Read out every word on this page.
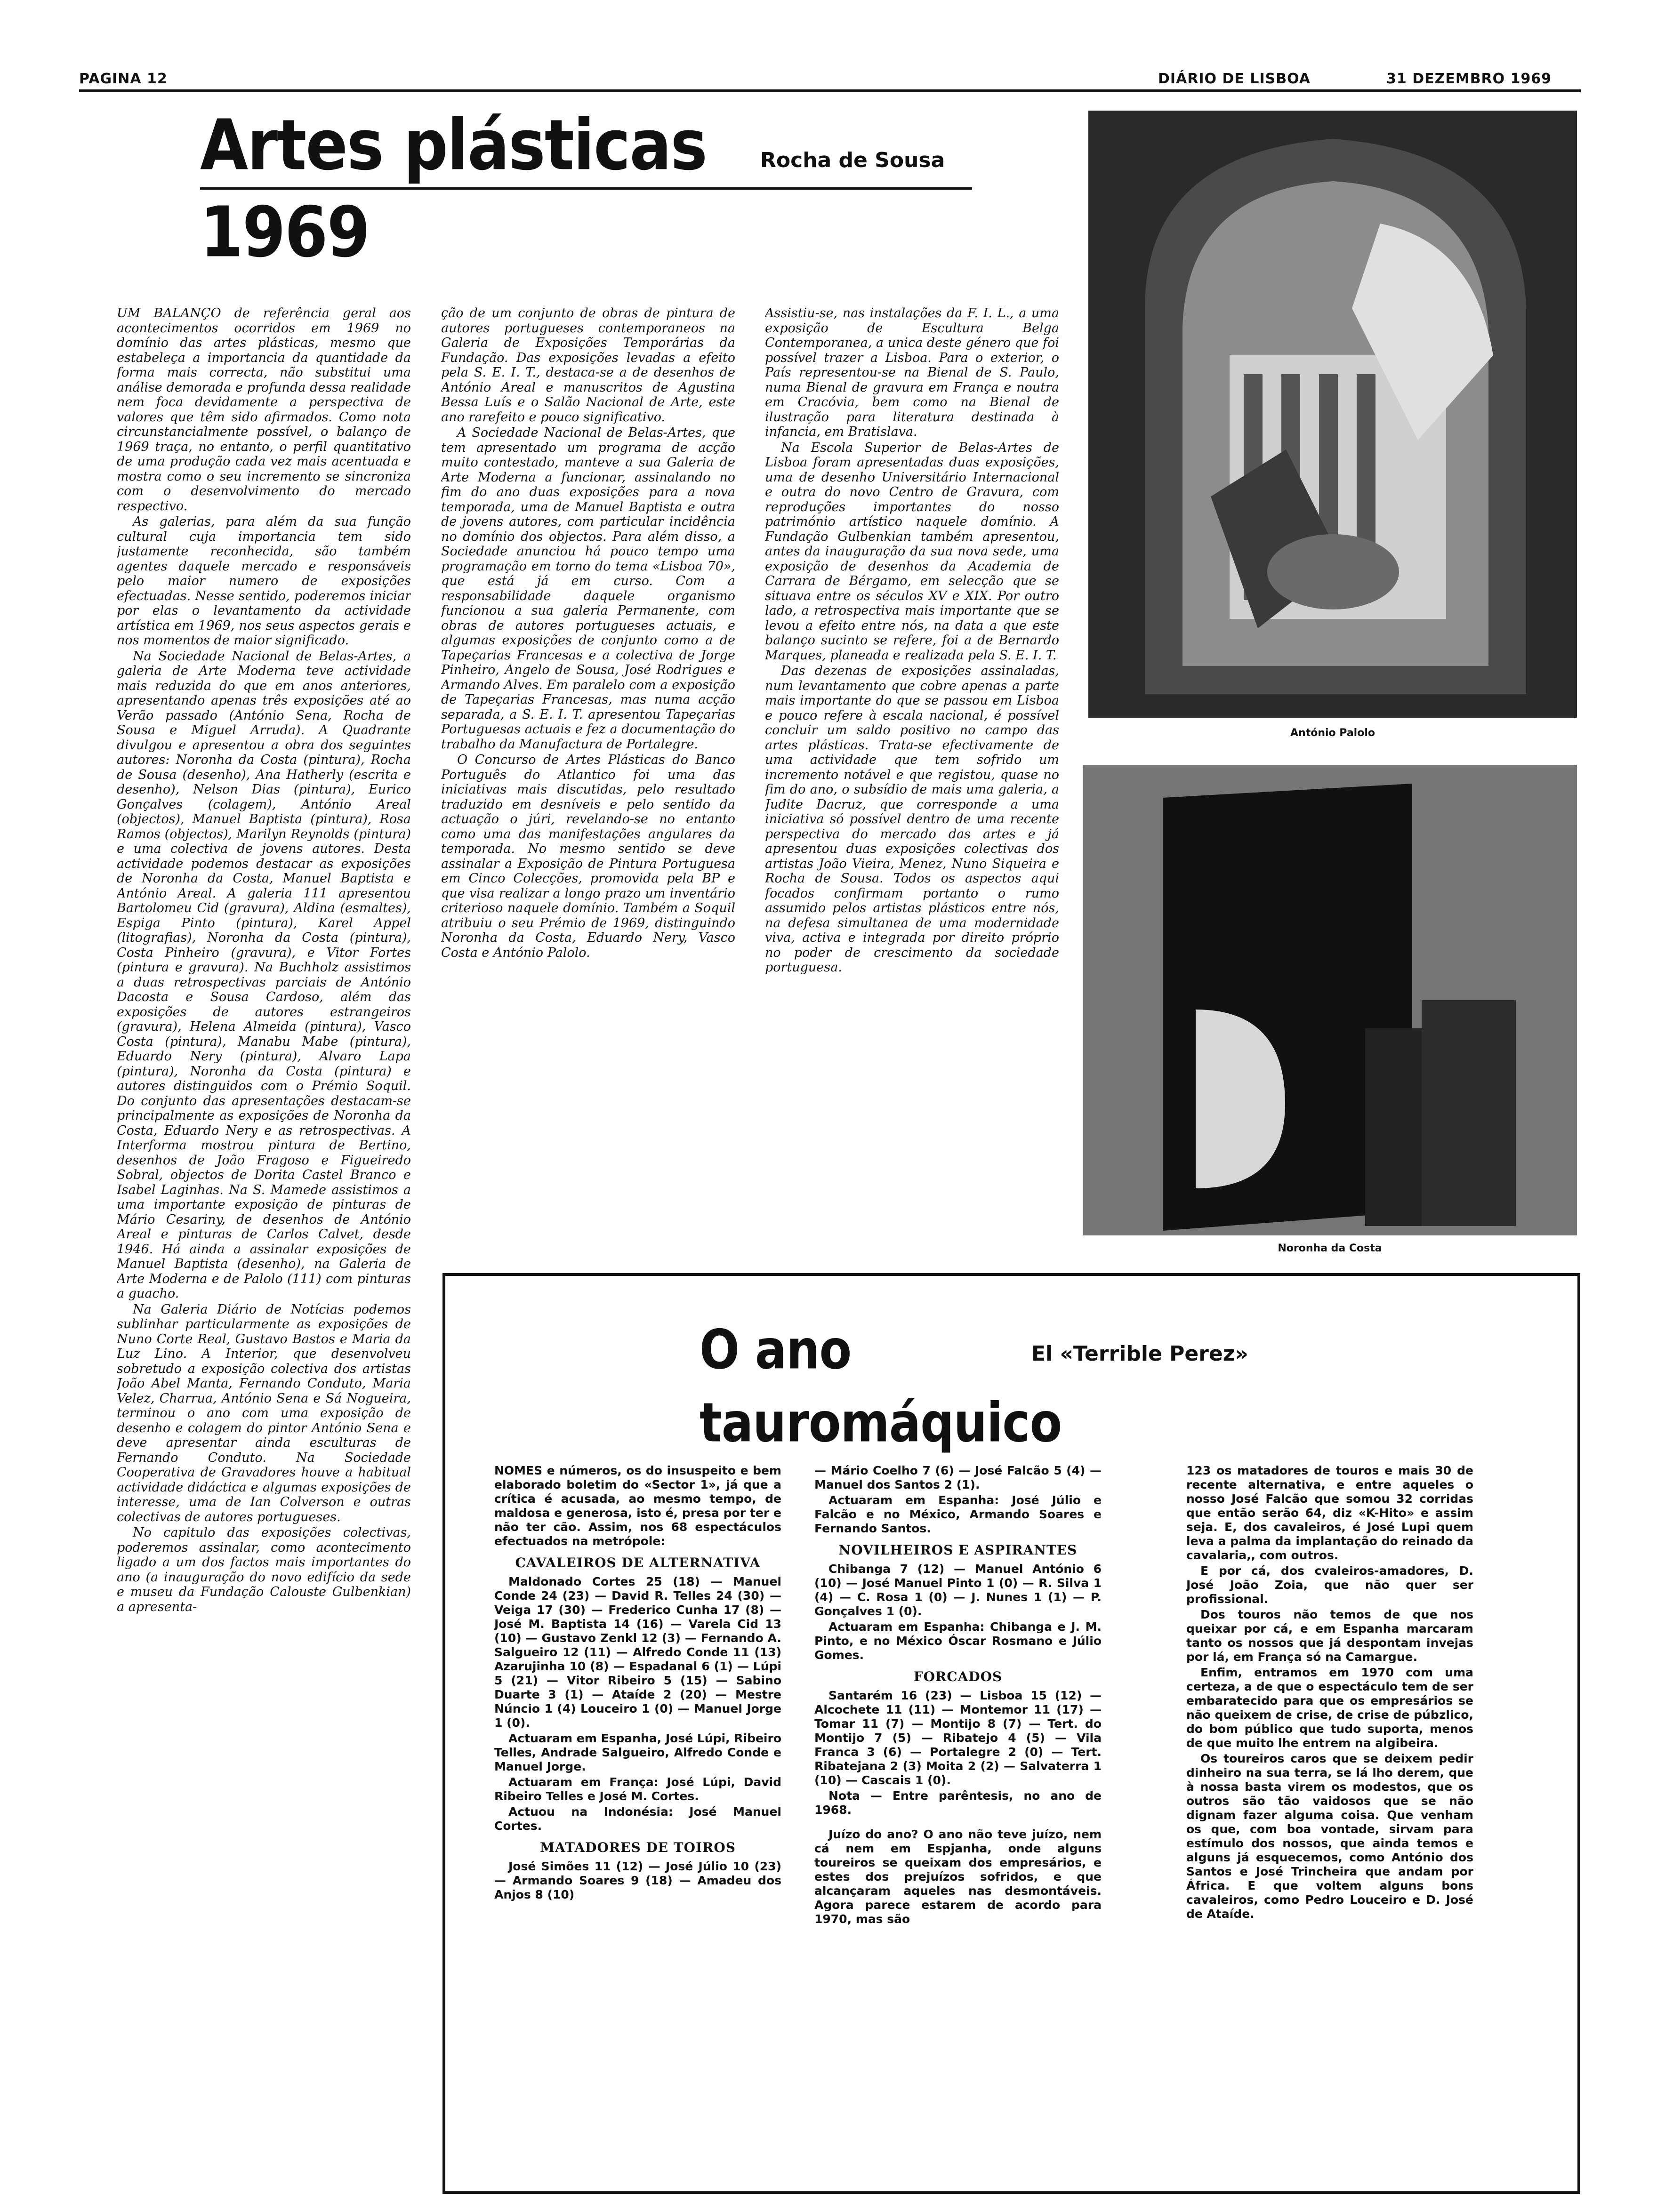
PAGINA 12	DIÁRIO DE LISBOA	31 DEZEMBRO 1969
Artes plásticas	Rocha de Sousa
1969

UM BALANÇO de referência geral aos acontecimentos ocorridos em 1969 no domínio das artes plásticas, mesmo que estabeleça a importancia da quantidade da forma mais correcta, não substitui uma análise demorada e profunda dessa realidade nem foca devidamente a perspectiva de valores que têm sido afirmados. Como nota circunstancialmente possível, o balanço de 1969 traça, no entanto, o perfil quantitativo de uma produção cada vez mais acentuada e mostra como o seu incremento se sincroniza com o desenvolvimento do mercado respectivo.

As galerias, para além da sua função cultural cuja importancia tem sido justamente reconhecida, são também agentes daquele mercado e responsáveis pelo maior numero de exposições efectuadas. Nesse sentido, poderemos iniciar por elas o levantamento da actividade artística em 1969, nos seus aspectos gerais e nos momentos de maior significado.

Na Sociedade Nacional de Belas-Artes, a galeria de Arte Moderna teve actividade mais reduzida do que em anos anteriores, apresentando apenas três exposições até ao Verão passado (António Sena, Rocha de Sousa e Miguel Arruda). A Quadrante divulgou e apresentou a obra dos seguintes autores: Noronha da Costa (pintura), Rocha de Sousa (desenho), Ana Hatherly (escrita e desenho), Nelson Dias (pintura), Eurico Gonçalves (colagem), António Areal (objectos), Manuel Baptista (pintura), Rosa Ramos (objectos), Marilyn Reynolds (pintura) e uma colectiva de jovens autores. Desta actividade podemos destacar as exposições de Noronha da Costa, Manuel Baptista e António Areal. A galeria 111 apresentou Bartolomeu Cid (gravura), Aldina (esmaltes), Espiga Pinto (pintura), Karel Appel (litografias), Noronha da Costa (pintura), Costa Pinheiro (gravura), e Vitor Fortes (pintura e gravura). Na Buchholz assistimos a duas retrospectivas parciais de António Dacosta e Sousa Cardoso, além das exposições de autores estrangeiros (gravura), Helena Almeida (pintura), Vasco Costa (pintura), Manabu Mabe (pintura), Eduardo Nery (pintura), Alvaro Lapa (pintura), Noronha da Costa (pintura) e autores distinguidos com o Prémio Soquil. Do conjunto das apresentações destacam-se principalmente as exposições de Noronha da Costa, Eduardo Nery e as retrospectivas. A Interforma mostrou pintura de Bertino, desenhos de João Fragoso e Figueiredo Sobral, objectos de Dorita Castel Branco e Isabel Laginhas. Na S. Mamede assistimos a uma importante exposição de pinturas de Mário Cesariny, de desenhos de António Areal e pinturas de Carlos Calvet, desde 1946. Há ainda a assinalar exposições de Manuel Baptista (desenho), na Galeria de Arte Moderna e de Palolo (111) com pinturas a guacho.

Na Galeria Diário de Notícias podemos sublinhar particularmente as exposições de Nuno Corte Real, Gustavo Bastos e Maria da Luz Lino. A Interior, que desenvolveu sobretudo a exposição colectiva dos artistas João Abel Manta, Fernando Conduto, Maria Velez, Charrua, António Sena e Sá Nogueira, terminou o ano com uma exposição de desenho e colagem do pintor António Sena e deve apresentar ainda esculturas de Fernando Conduto. Na Sociedade Cooperativa de Gravadores houve a habitual actividade didáctica e algumas exposições de interesse, uma de Ian Colverson e outras colectivas de autores portugueses.

No capitulo das exposições colectivas, poderemos assinalar, como acontecimento ligado a um dos factos mais importantes do ano (a inauguração do novo edifício da sede e museu da Fundação Calouste Gulbenkian) a apresenta-

ção de um conjunto de obras de pintura de autores portugueses contemporaneos na Galeria de Exposições Temporárias da Fundação. Das exposições levadas a efeito pela S. E. I. T., destaca-se a de desenhos de António Areal e manuscritos de Agustina Bessa Luís e o Salão Nacional de Arte, este ano rarefeito e pouco significativo.

A Sociedade Nacional de Belas-Artes, que tem apresentado um programa de acção muito contestado, manteve a sua Galeria de Arte Moderna a funcionar, assinalando no fim do ano duas exposições para a nova temporada, uma de Manuel Baptista e outra de jovens autores, com particular incidência no domínio dos objectos. Para além disso, a Sociedade anunciou há pouco tempo uma programação em torno do tema «Lisboa 70», que está já em curso. Com a responsabilidade daquele organismo funcionou a sua galeria Permanente, com obras de autores portugueses actuais, e algumas exposições de conjunto como a de Tapeçarias Francesas e a colectiva de Jorge Pinheiro, Angelo de Sousa, José Rodrigues e Armando Alves. Em paralelo com a exposição de Tapeçarias Francesas, mas numa acção separada, a S. E. I. T. apresentou Tapeçarias Portuguesas actuais e fez a documentação do trabalho da Manufactura de Portalegre.

O Concurso de Artes Plásticas do Banco Português do Atlantico foi uma das iniciativas mais discutidas, pelo resultado traduzido em desníveis e pelo sentido da actuação o júri, revelando-se no entanto como uma das manifestações angulares da temporada. No mesmo sentido se deve assinalar a Exposição de Pintura Portuguesa em Cinco Colecções, promovida pela BP e que visa realizar a longo prazo um inventário criterioso naquele domínio. Também a Soquil atribuiu o seu Prémio de 1969, distinguindo Noronha da Costa, Eduardo Nery, Vasco Costa e António Palolo.

Assistiu-se, nas instalações da F. I. L., a uma exposição de Escultura Belga Contemporanea, a unica deste género que foi possível trazer a Lisboa. Para o exterior, o País representou-se na Bienal de S. Paulo, numa Bienal de gravura em França e noutra em Cracóvia, bem como na Bienal de ilustração para literatura destinada à infancia, em Bratislava.

Na Escola Superior de Belas-Artes de Lisboa foram apresentadas duas exposições, uma de desenho Universitário Internacional e outra do novo Centro de Gravura, com reproduções importantes do nosso património artístico naquele domínio. A Fundação Gulbenkian também apresentou, antes da inauguração da sua nova sede, uma exposição de desenhos da Academia de Carrara de Bérgamo, em selecção que se situava entre os séculos XV e XIX. Por outro lado, a retrospectiva mais importante que se levou a efeito entre nós, na data a que este balanço sucinto se refere, foi a de Bernardo Marques, planeada e realizada pela S. E. I. T.

Das dezenas de exposições assinaladas, num levantamento que cobre apenas a parte mais importante do que se passou em Lisboa e pouco refere à escala nacional, é possível concluir um saldo positivo no campo das artes plásticas. Trata-se efectivamente de uma actividade que tem sofrido um incremento notável e que registou, quase no fim do ano, o subsídio de mais uma galeria, a Judite Dacruz, que corresponde a uma iniciativa só possível dentro de uma recente perspectiva do mercado das artes e já apresentou duas exposições colectivas dos artistas João Vieira, Menez, Nuno Siqueira e Rocha de Sousa. Todos os aspectos aqui focados confirmam portanto o rumo assumido pelos artistas plásticos entre nós, na defesa simultanea de uma modernidade viva, activa e integrada por direito próprio no poder de crescimento da sociedade portuguesa.

António Palolo
Noronha da Costa
O ano	El «Terrible Perez»
tauromáquico

NOMES e números, os do insuspeito e bem elaborado boletim do «Sector 1», já que a crítica é acusada, ao mesmo tempo, de maldosa e generosa, isto é, presa por ter e não ter cão. Assim, nos 68 espectáculos efectuados na metrópole:

CAVALEIROS DE ALTERNATIVA

Maldonado Cortes 25 (18) — Manuel Conde 24 (23) — David R. Telles 24 (30) — Veiga 17 (30) — Frederico Cunha 17 (8) — José M. Baptista 14 (16) — Varela Cid 13 (10) — Gustavo Zenkl 12 (3) — Fernando A. Salgueiro 12 (11) — Alfredo Conde 11 (13) Azarujinha 10 (8) — Espadanal 6 (1) — Lúpi 5 (21) — Vitor Ribeiro 5 (15) — Sabino Duarte 3 (1) — Ataíde 2 (20) — Mestre Núncio 1 (4) Louceiro 1 (0) — Manuel Jorge 1 (0).

Actuaram em Espanha, José Lúpi, Ribeiro Telles, Andrade Salgueiro, Alfredo Conde e Manuel Jorge.

Actuaram em França: José Lúpi, David Ribeiro Telles e José M. Cortes.

Actuou na Indonésia: José Manuel Cortes.

MATADORES DE TOIROS

José Simões 11 (12) — José Júlio 10 (23) — Armando Soares 9 (18) — Amadeu dos Anjos 8 (10)

— Mário Coelho 7 (6) — José Falcão 5 (4) — Manuel dos Santos 2 (1).

Actuaram em Espanha: José Júlio e Falcão e no México, Armando Soares e Fernando Santos.

NOVILHEIROS E ASPIRANTES

Chibanga 7 (12) — Manuel António 6 (10) — José Manuel Pinto 1 (0) — R. Silva 1 (4) — C. Rosa 1 (0) — J. Nunes 1 (1) — P. Gonçalves 1 (0).

Actuaram em Espanha: Chibanga e J. M. Pinto, e no México Óscar Rosmano e Júlio Gomes.

FORCADOS

Santarém 16 (23) — Lisboa 15 (12) — Alcochete 11 (11) — Montemor 11 (17) — Tomar 11 (7) — Montijo 8 (7) — Tert. do Montijo 7 (5) — Ribatejo 4 (5) — Vila Franca 3 (6) — Portalegre 2 (0) — Tert. Ribatejana 2 (3) Moita 2 (2) — Salvaterra 1 (10) — Cascais 1 (0).

Nota — Entre parêntesis, no ano de 1968.

Juízo do ano? O ano não teve juízo, nem cá nem em Espjanha, onde alguns toureiros se queixam dos empresários, e estes dos prejuízos sofridos, e que alcançaram aqueles nas desmontáveis. Agora parece estarem de acordo para 1970, mas são

123 os matadores de touros e mais 30 de recente alternativa, e entre aqueles o nosso José Falcão que somou 32 corridas que então serão 64, diz «K-Hito» e assim seja. E, dos cavaleiros, é José Lupi quem leva a palma da implantação do reinado da cavalaria,, com outros.

E por cá, dos cvaleiros-amadores, D. José João Zoia, que não quer ser profissional.

Dos touros não temos de que nos queixar por cá, e em Espanha marcaram tanto os nossos que já despontam invejas por lá, em França só na Camargue.

Enfim, entramos em 1970 com uma certeza, a de que o espectáculo tem de ser embaratecido para que os empresários se não queixem de crise, de crise de púbzlico, do bom público que tudo suporta, menos de que muito lhe entrem na algibeira.

Os toureiros caros que se deixem pedir dinheiro na sua terra, se lá lho derem, que à nossa basta virem os modestos, que os outros são tão vaidosos que se não dignam fazer alguma coisa. Que venham os que, com boa vontade, sirvam para estímulo dos nossos, que ainda temos e alguns já esquecemos, como António dos Santos e José Trincheira que andam por África. E que voltem alguns bons cavaleiros, como Pedro Louceiro e D. José de Ataíde.
